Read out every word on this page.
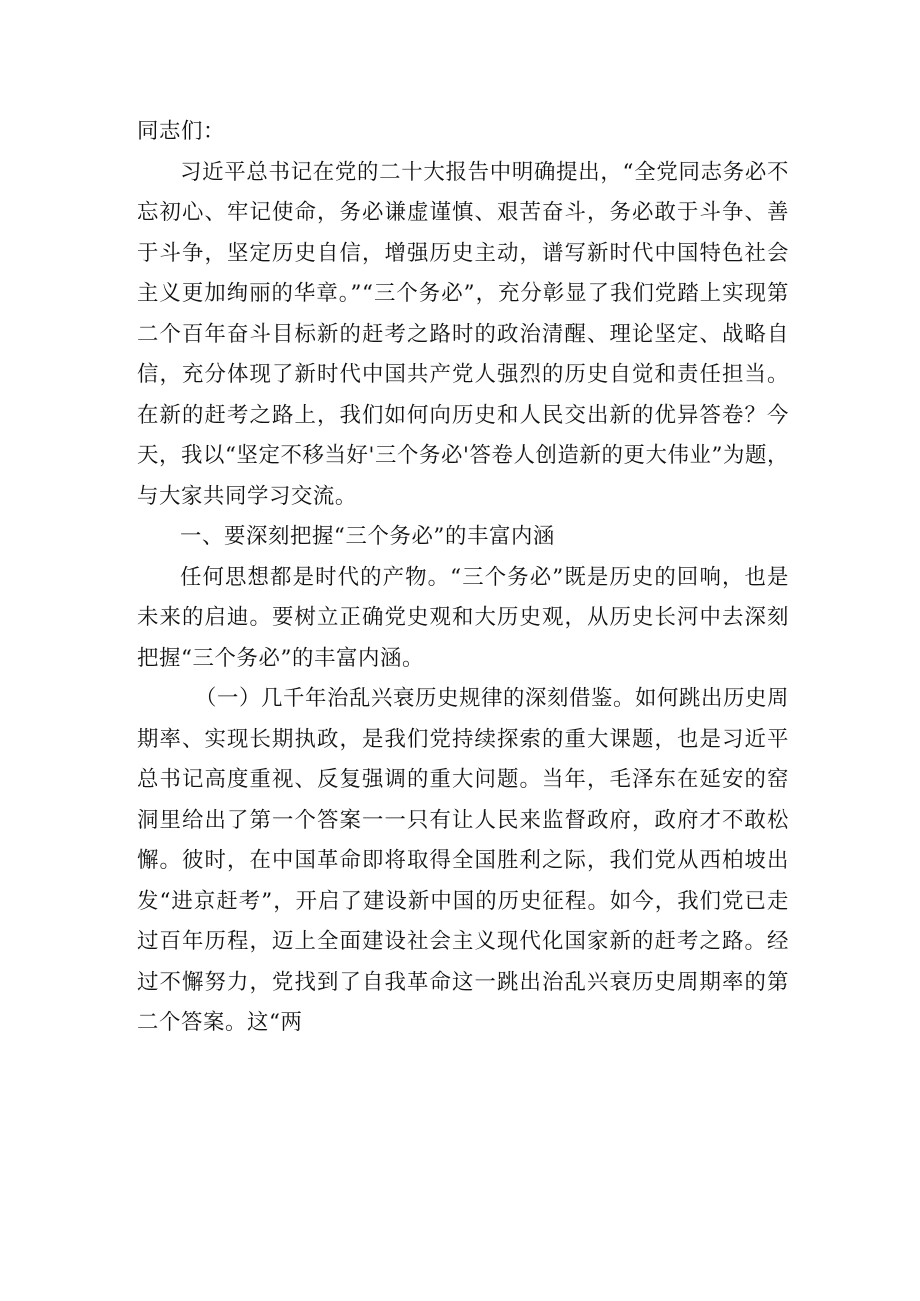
同志们：

习近平总书记在党的二十大报告中明确提出，“全党同志务必不忘初心、牢记使命，务必谦虚谨慎、艰苦奋斗，务必敢于斗争、善于斗争，坚定历史自信，增强历史主动，谱写新时代中国特色社会主义更加绚丽的华章。”“三个务必”，充分彰显了我们党踏上实现第二个百年奋斗目标新的赶考之路时的政治清醒、理论坚定、战略自信，充分体现了新时代中国共产党人强烈的历史自觉和责任担当。在新的赶考之路上，我们如何向历史和人民交出新的优异答卷？今天，我以“坚定不移当好'三个务必'答卷人创造新的更大伟业”为题，与大家共同学习交流。

一、要深刻把握“三个务必”的丰富内涵

任何思想都是时代的产物。“三个务必”既是历史的回响，也是未来的启迪。要树立正确党史观和大历史观，从历史长河中去深刻把握“三个务必”的丰富内涵。

（一）几千年治乱兴衰历史规律的深刻借鉴。如何跳出历史周期率、实现长期执政，是我们党持续探索的重大课题，也是习近平总书记高度重视、反复强调的重大问题。当年，毛泽东在延安的窑洞里给出了第一个答案一一只有让人民来监督政府，政府才不敢松懈。彼时，在中国革命即将取得全国胜利之际，我们党从西柏坡出发“进京赶考”，开启了建设新中国的历史征程。如今，我们党已走过百年历程，迈上全面建设社会主义现代化国家新的赶考之路。经过不懈努力，党找到了自我革命这一跳出治乱兴衰历史周期率的第二个答案。这“两
